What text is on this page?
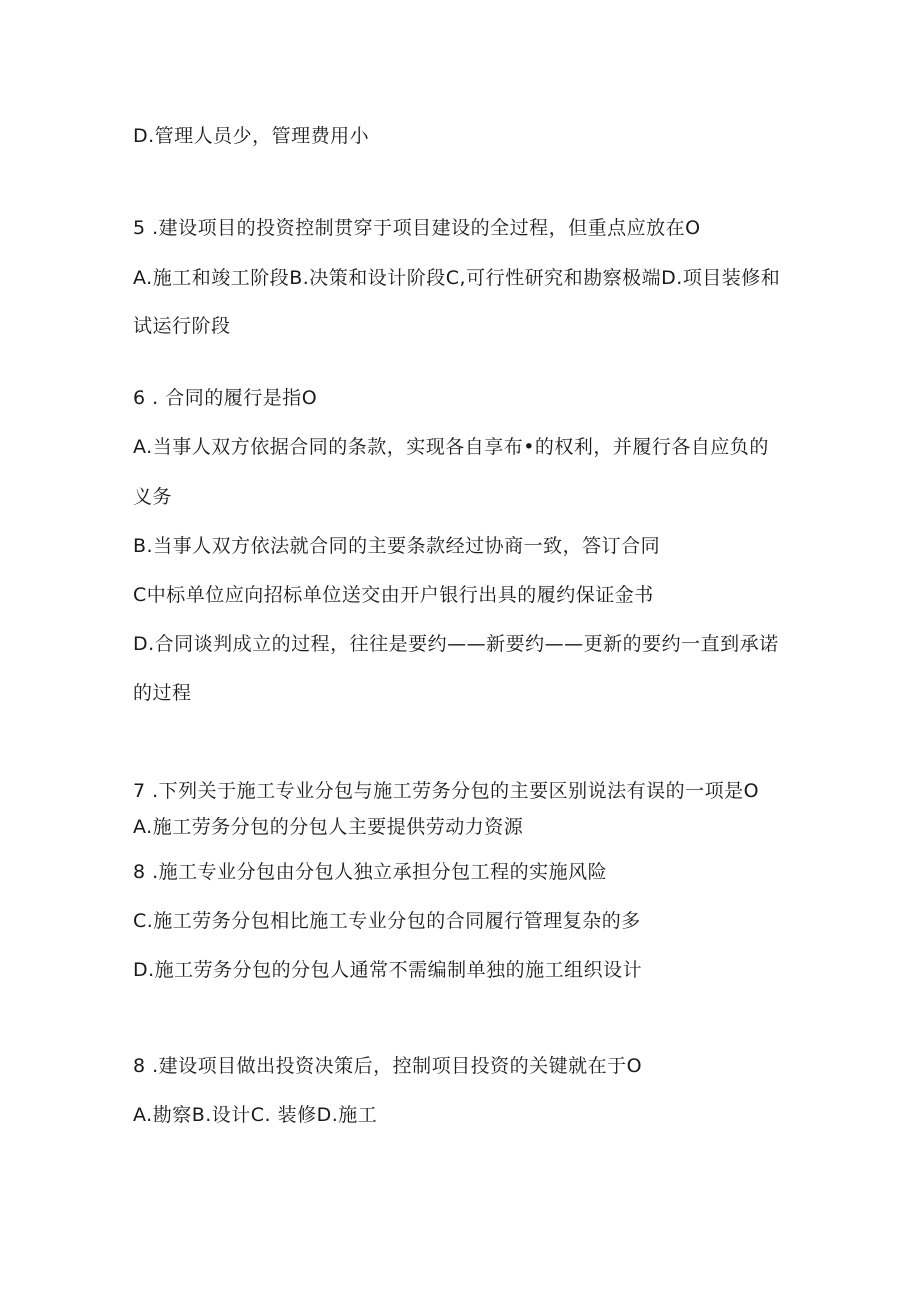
D.管理人员少，管理费用小
5 .建设项目的投资控制贯穿于项目建设的全过程，但重点应放在O
A.施工和竣工阶段B.决策和设计阶段C,可行性研究和勘察极端D.项目装修和
试运行阶段
6 . 合同的履行是指O
A.当事人双方依据合同的条款，实现各自享布•的权利，并履行各自应负的
义务
B.当事人双方依法就合同的主要条款经过协商一致，答订合同
C中标单位应向招标单位送交由开户银行出具的履约保证金书
D.合同谈判成立的过程，往往是要约——新要约——更新的要约一直到承诺
的过程
7 .下列关于施工专业分包与施工劳务分包的主要区别说法有误的一项是O
A.施工劳务分包的分包人主要提供劳动力资源
8 .施工专业分包由分包人独立承担分包工程的实施风险
C.施工劳务分包相比施工专业分包的合同履行管理复杂的多
D.施工劳务分包的分包人通常不需编制单独的施工组织设计
8 .建设项目做出投资决策后，控制项目投资的关键就在于O
A.勘察B.设计C. 装修D.施工
